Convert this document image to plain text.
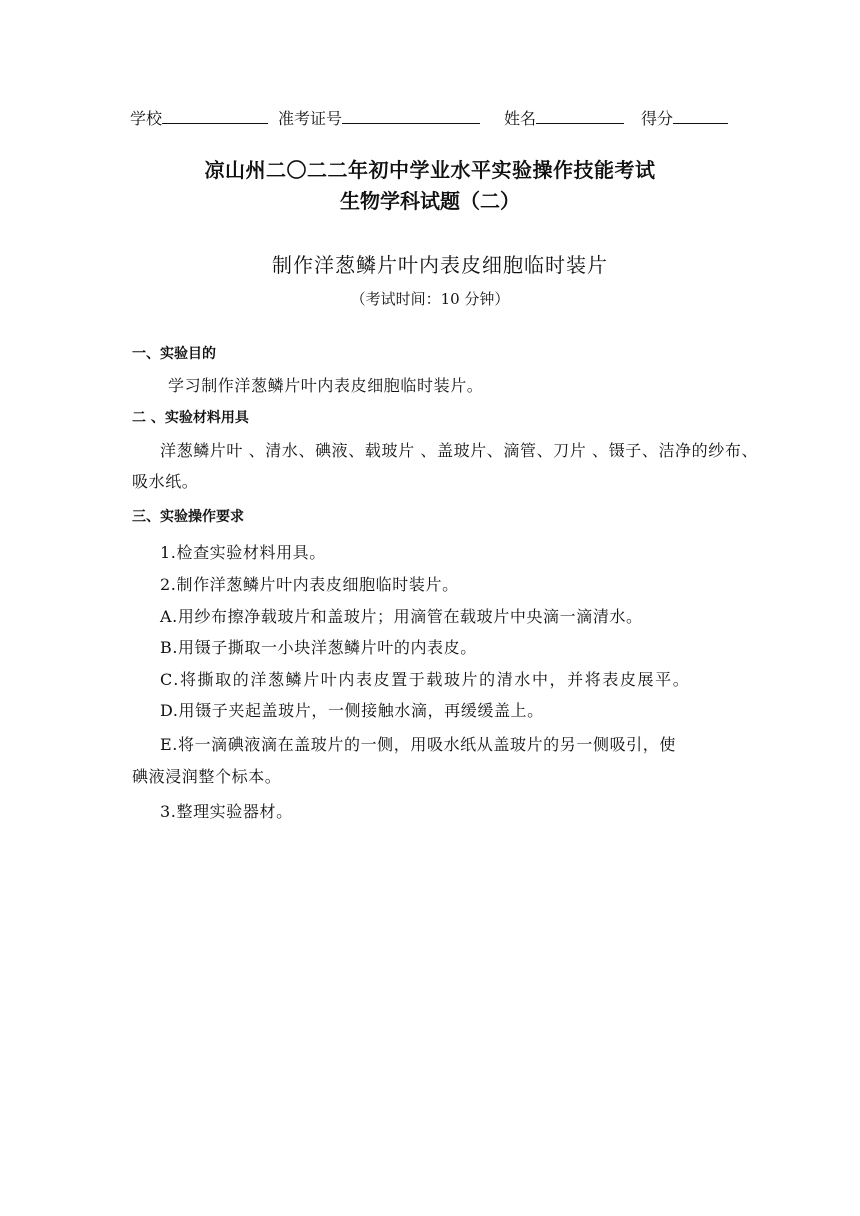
学校	准考证号	姓名	得分
凉山州二〇二二年初中学业水平实验操作技能考试
生物学科试题（二）
制作洋葱鳞片叶内表皮细胞临时装片
（考试时间：10 分钟）
一、实验目的
学习制作洋葱鳞片叶内表皮细胞临时装片。
二 、实验材料用具
洋葱鳞片叶 、清水、碘液、载玻片 、盖玻片、滴管、刀片 、镊子、洁净的纱布、
吸水纸。
三、实验操作要求
1.检查实验材料用具。
2.制作洋葱鳞片叶内表皮细胞临时装片。
A.用纱布擦净载玻片和盖玻片；用滴管在载玻片中央滴一滴清水。
B.用镊子撕取一小块洋葱鳞片叶的内表皮。
C.将撕取的洋葱鳞片叶内表皮置于载玻片的清水中，并将表皮展平。
D.用镊子夹起盖玻片，一侧接触水滴，再缓缓盖上。
E.将一滴碘液滴在盖玻片的一侧，用吸水纸从盖玻片的另一侧吸引，使
碘液浸润整个标本。
3.整理实验器材。
